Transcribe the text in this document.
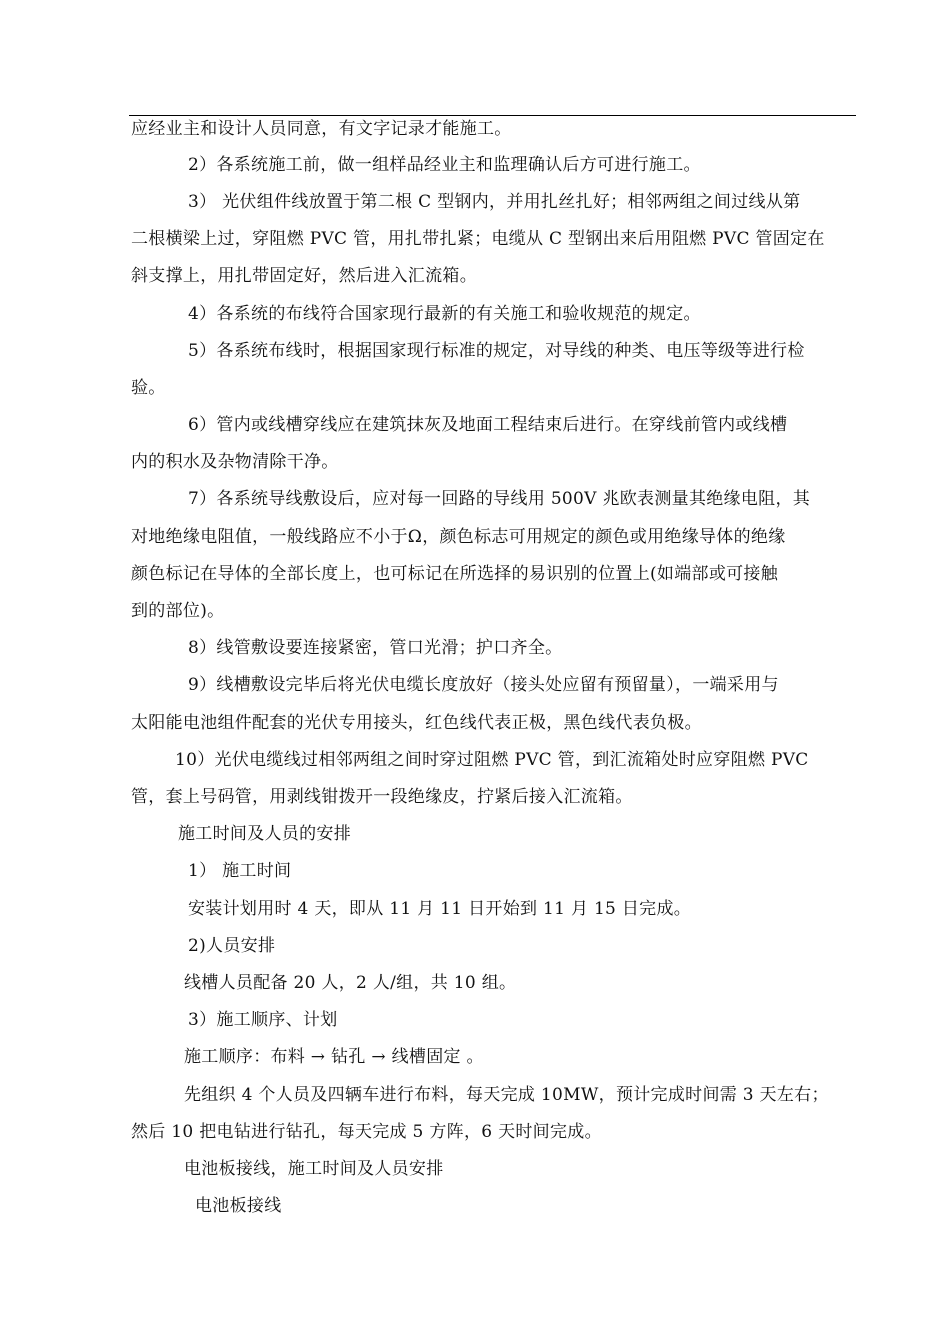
应经业主和设计人员同意，有文字记录才能施工。
2）各系统施工前，做一组样品经业主和监理确认后方可进行施工。
3） 光伏组件线放置于第二根 C 型钢内，并用扎丝扎好；相邻两组之间过线从第
二根横梁上过，穿阻燃 PVC 管，用扎带扎紧；电缆从 C 型钢出来后用阻燃 PVC 管固定在
斜支撑上，用扎带固定好，然后进入汇流箱。
4）各系统的布线符合国家现行最新的有关施工和验收规范的规定。
5）各系统布线时，根据国家现行标准的规定，对导线的种类、电压等级等进行检
验。
6）管内或线槽穿线应在建筑抹灰及地面工程结束后进行。在穿线前管内或线槽
内的积水及杂物清除干净。
7）各系统导线敷设后，应对每一回路的导线用 500V 兆欧表测量其绝缘电阻，其
对地绝缘电阻值，一般线路应不小于Ω，颜色标志可用规定的颜色或用绝缘导体的绝缘
颜色标记在导体的全部长度上，也可标记在所选择的易识别的位置上(如端部或可接触
到的部位)。
8）线管敷设要连接紧密，管口光滑；护口齐全。
9）线槽敷设完毕后将光伏电缆长度放好（接头处应留有预留量），一端采用与
太阳能电池组件配套的光伏专用接头，红色线代表正极，黑色线代表负极。
10）光伏电缆线过相邻两组之间时穿过阻燃 PVC 管，到汇流箱处时应穿阻燃 PVC
管，套上号码管，用剥线钳拨开一段绝缘皮，拧紧后接入汇流箱。
施工时间及人员的安排
1） 施工时间
安装计划用时 4 天，即从 11 月 11 日开始到 11 月 15 日完成。
2)人员安排
线槽人员配备 20 人，2 人/组，共 10 组。
3）施工顺序、计划
施工顺序：布料 → 钻孔 → 线槽固定 。
先组织 4 个人员及四辆车进行布料，每天完成 10MW，预计完成时间需 3 天左右；
然后 10 把电钻进行钻孔，每天完成 5 方阵，6 天时间完成。
电池板接线，施工时间及人员安排
电池板接线
